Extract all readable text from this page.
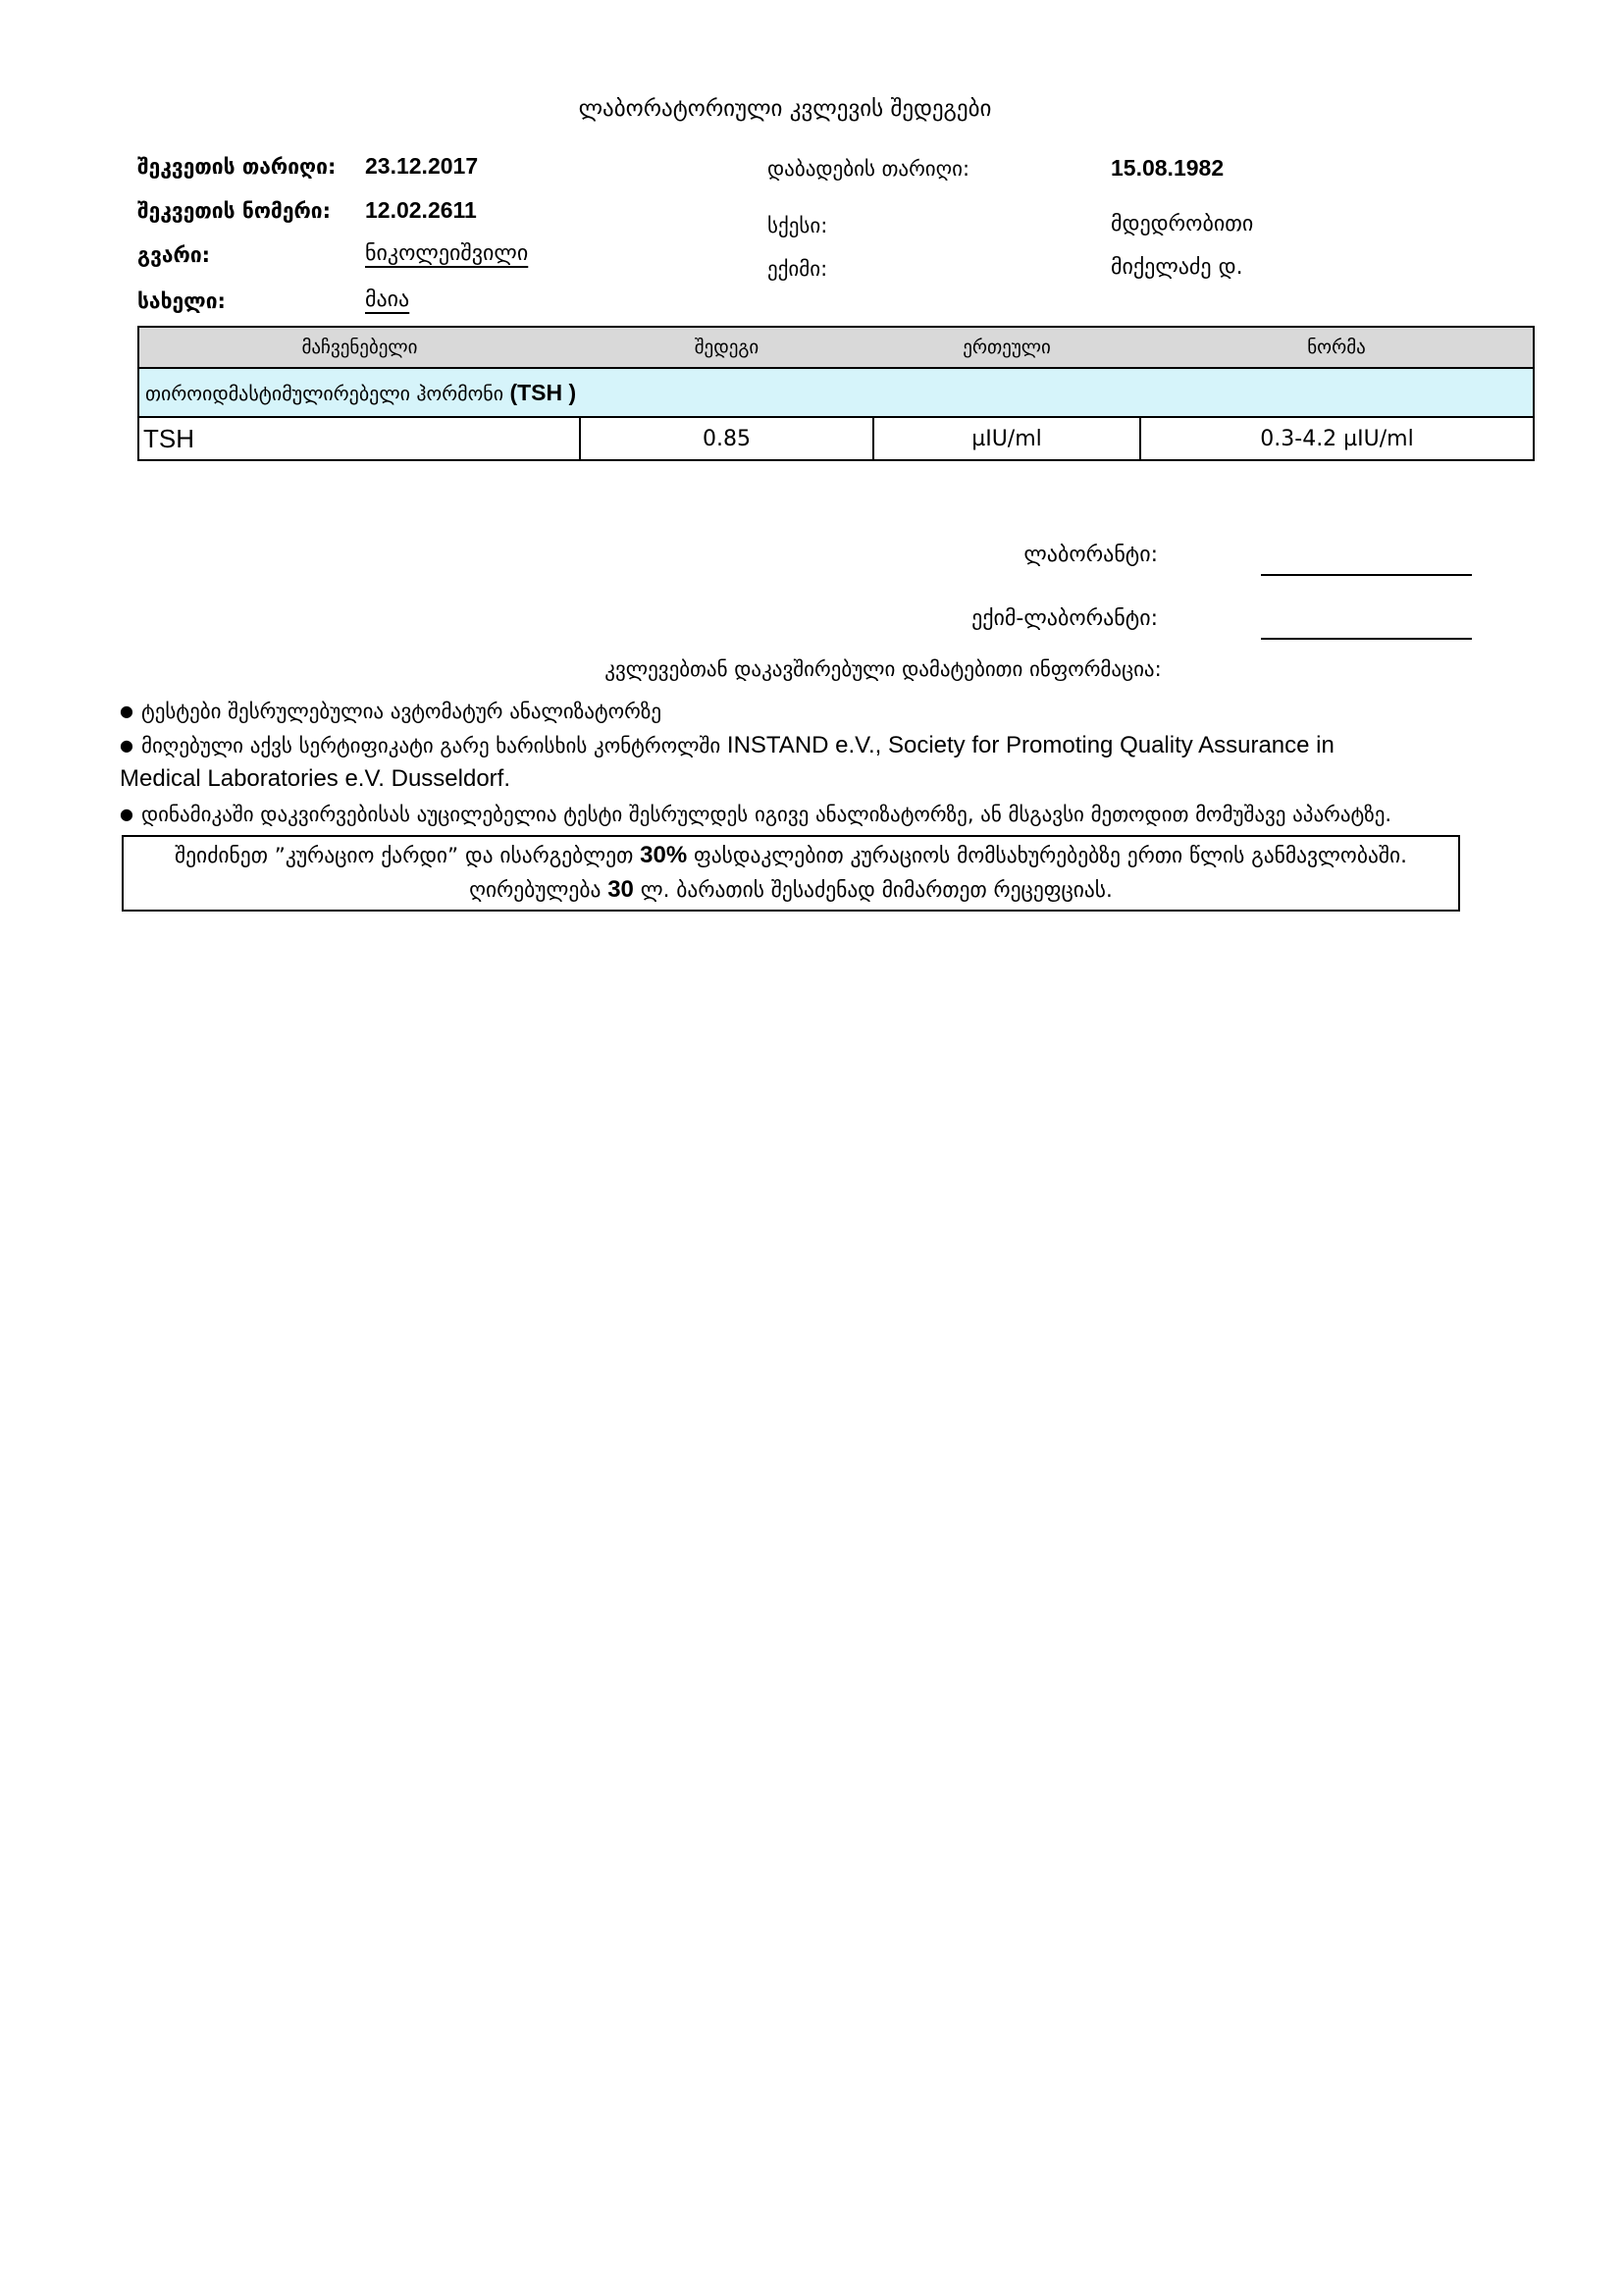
ლაბორატორიული კვლევის შედეგები
შეკვეთის თარიღი: 23.12.2017
შეკვეთის ნომერი: 12.02.2611
გვარი:	ნიკოლეიშვილი
სახელი:	მაია
დაბადების თარიღი:	15.08.1982
სქესი:	მდედრობითი
ექიმი:	მიქელაძე დ.
მაჩვენებელი	შედეგი	ერთეული	ნორმა
თიროიდმასტიმულირებელი ჰორმონი (TSH )			
TSH	0.85	µIU/ml	0.3-4.2 µIU/ml
ლაბორანტი:
ექიმ-ლაბორანტი:
კვლევებთან დაკავშირებული დამატებითი ინფორმაცია:
● ტესტები შესრულებულია ავტომატურ ანალიზატორზე
● მიღებული აქვს სერტიფიკატი გარე ხარისხის კონტროლში INSTAND e.V., Society for Promoting Quality Assurance in
Medical Laboratories e.V. Dusseldorf.
● დინამიკაში დაკვირვებისას აუცილებელია ტესტი შესრულდეს იგივე ანალიზატორზე, ან მსგავსი მეთოდით მომუშავე აპარატზე.
შეიძინეთ ”კურაციო ქარდი” და ისარგებლეთ 30% ფასდაკლებით კურაციოს მომსახურებებზე ერთი წლის განმავლობაში.
ღირებულება 30 ლ. ბარათის შესაძენად მიმართეთ რეცეფციას.
